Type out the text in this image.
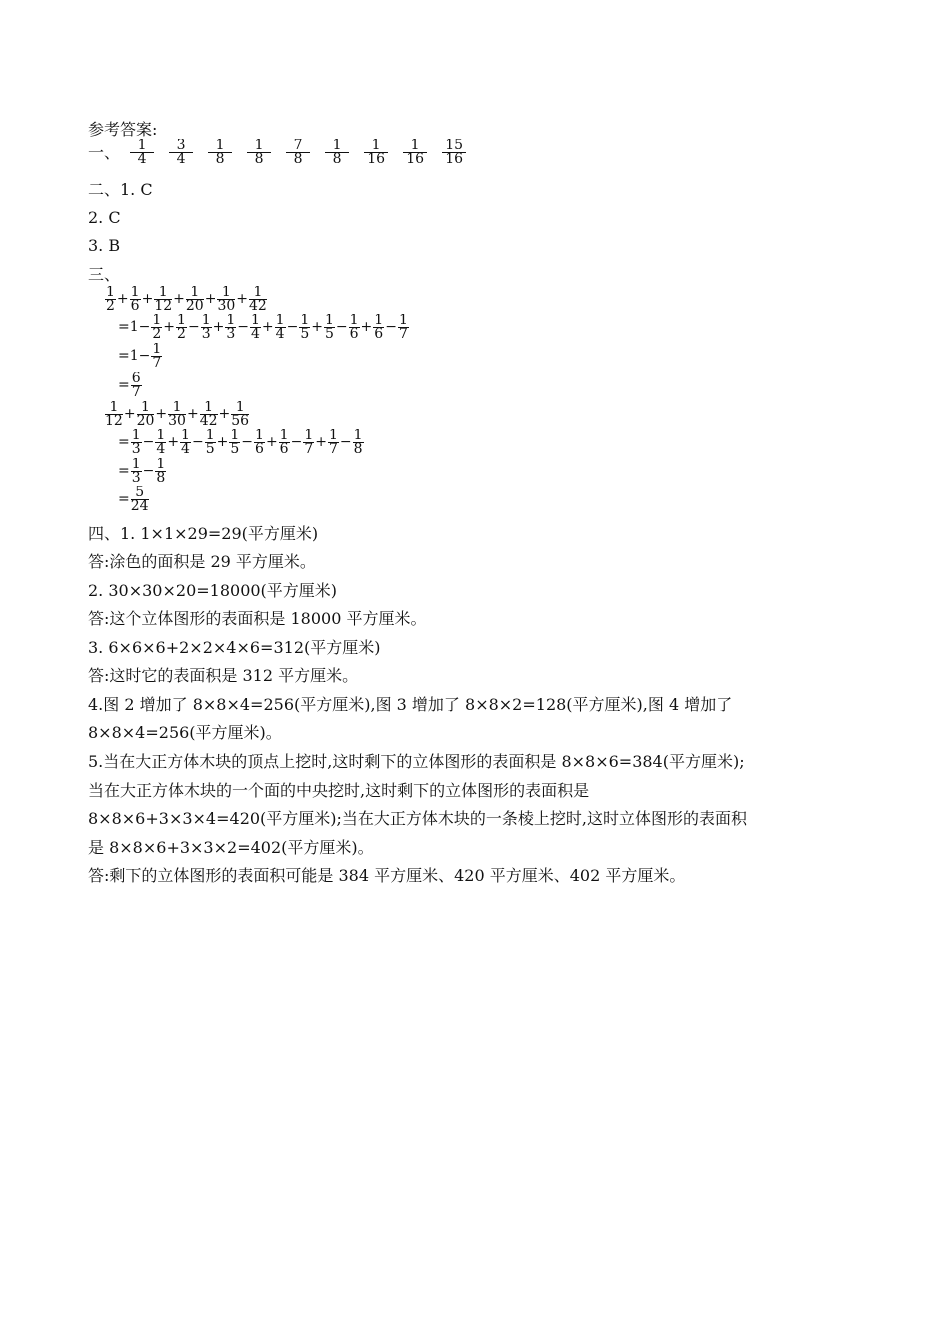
参考答案:
一、 $\frac{1}{4} \frac{3}{4} \frac{1}{8} \frac{1}{8} \frac{7}{8} \frac{1}{8} \frac{1}{16} \frac{1}{16} \frac{15}{16}$
二、1. C
2. C
3. B
三、
$\frac{1}{2} + \frac{1}{6} + \frac{1}{12} + \frac{1}{20} + \frac{1}{30} + \frac{1}{42}$
$=1- \frac{1}{2} + \frac{1}{2} - \frac{1}{3} + \frac{1}{3} - \frac{1}{4} + \frac{1}{4} - \frac{1}{5} + \frac{1}{5} - \frac{1}{6} + \frac{1}{6} - \frac{1}{7}$
$=1- \frac{1}{7}$
= $\frac{6}{7}$
$\frac{1}{12} + \frac{1}{20} + \frac{1}{30} + \frac{1}{42} + \frac{1}{56}$
= $\frac{1}{3} - \frac{1}{4} + \frac{1}{4} - \frac{1}{5} + \frac{1}{5} - \frac{1}{6} + \frac{1}{6} - \frac{1}{7} + \frac{1}{7} - \frac{1}{8}$
= $\frac{1}{3} - \frac{1}{8}$
= $\frac{5}{24}$
四、1. 1×1×29=29(平方厘米)
答:涂色的面积是 29 平方厘米。
2. 30×30×20=18000(平方厘米)
答:这个立体图形的表面积是 18000 平方厘米。
3. 6×6×6+2×2×4×6=312(平方厘米)
答:这时它的表面积是 312 平方厘米。
4.图 2 增加了 8×8×4=256(平方厘米),图 3 增加了 8×8×2=128(平方厘米),图 4 增加了
8×8×4=256(平方厘米)。
5.当在大正方体木块的顶点上挖时,这时剩下的立体图形的表面积是 8×8×6=384(平方厘米);
当在大正方体木块的一个面的中央挖时,这时剩下的立体图形的表面积是
8×8×6+3×3×4=420(平方厘米);当在大正方体木块的一条棱上挖时,这时立体图形的表面积
是 8×8×6+3×3×2=402(平方厘米)。
答:剩下的立体图形的表面积可能是 384 平方厘米、420 平方厘米、402 平方厘米。
